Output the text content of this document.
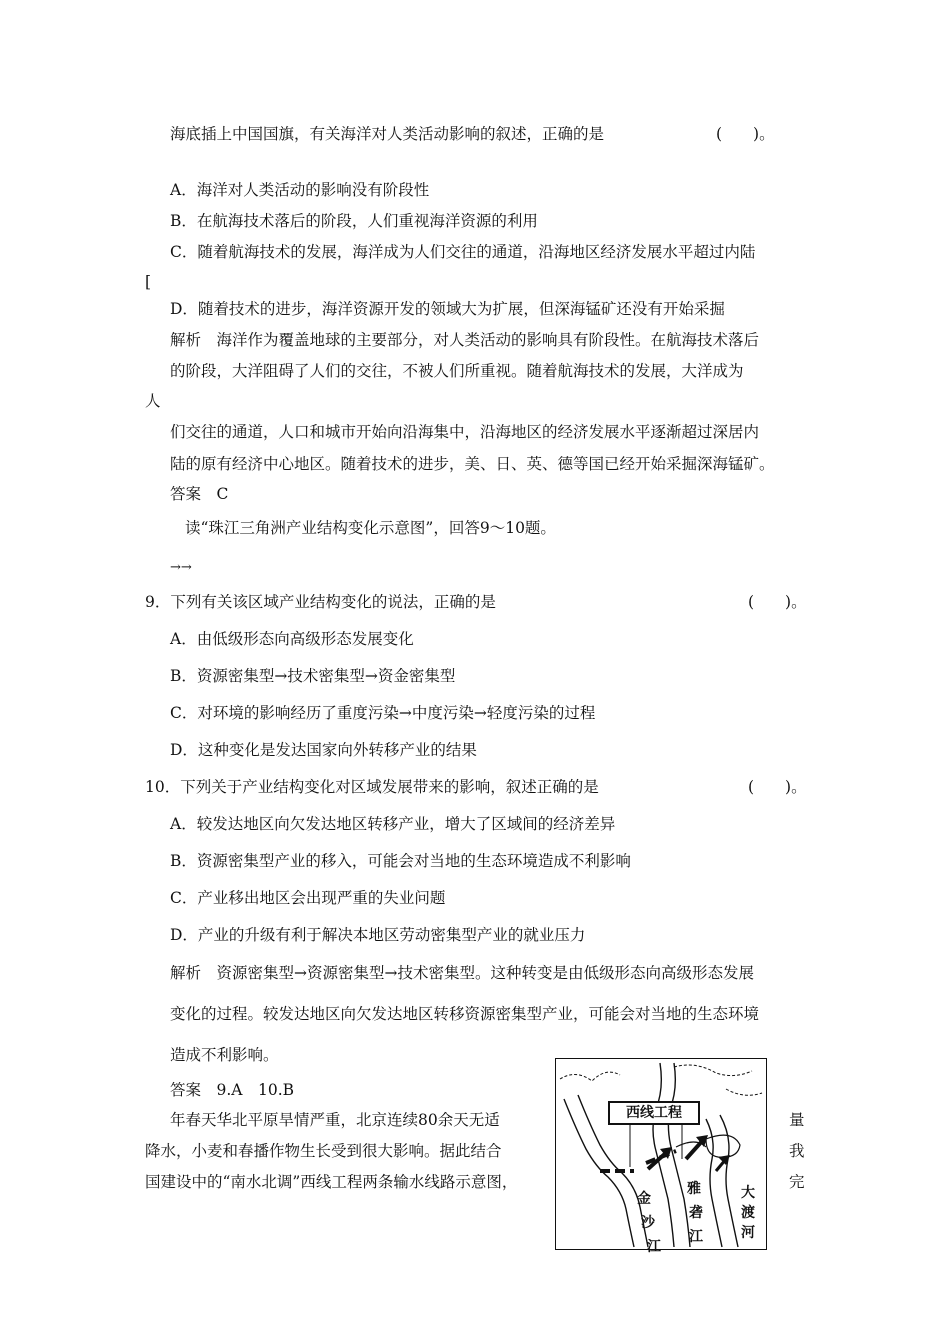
海底插上中国国旗，有关海洋对人类活动影响的叙述，正确的是	(　　)。
A．海洋对人类活动的影响没有阶段性
B．在航海技术落后的阶段，人们重视海洋资源的利用
C．随着航海技术的发展，海洋成为人们交往的通道，沿海地区经济发展水平超过内陆
[
D．随着技术的进步，海洋资源开发的领域大为扩展，但深海锰矿还没有开始采掘
解析　海洋作为覆盖地球的主要部分，对人类活动的影响具有阶段性。在航海技术落后
的阶段，大洋阻碍了人们的交往，不被人们所重视。随着航海技术的发展，大洋成为
人
们交往的通道，人口和城市开始向沿海集中，沿海地区的经济发展水平逐渐超过深居内
陆的原有经济中心地区。随着技术的进步，美、日、英、德等国已经开始采掘深海锰矿。
答案　C
读“珠江三角洲产业结构变化示意图”，回答9～10题。
→→
9．下列有关该区域产业结构变化的说法，正确的是	(　　)。
A．由低级形态向高级形态发展变化
B．资源密集型→技术密集型→资金密集型
C．对环境的影响经历了重度污染→中度污染→轻度污染的过程
D．这种变化是发达国家向外转移产业的结果
10．下列关于产业结构变化对区域发展带来的影响，叙述正确的是	(　　)。
A．较发达地区向欠发达地区转移产业，增大了区域间的经济差异
B．资源密集型产业的移入，可能会对当地的生态环境造成不利影响
C．产业移出地区会出现严重的失业问题
D．产业的升级有利于解决本地区劳动密集型产业的就业压力
解析　资源密集型→资源密集型→技术密集型。这种转变是由低级形态向高级形态发展
变化的过程。较发达地区向欠发达地区转移资源密集型产业，可能会对当地的生态环境
造成不利影响。
答案　9.A　10.B
年春天华北平原旱情严重，北京连续80余天无适
降水，小麦和春播作物生长受到很大影响。据此结合
国建设中的“南水北调”西线工程两条输水线路示意图，
量
我
完
西线工程
金
沙
江
雅
砻
江
大
渡
河
